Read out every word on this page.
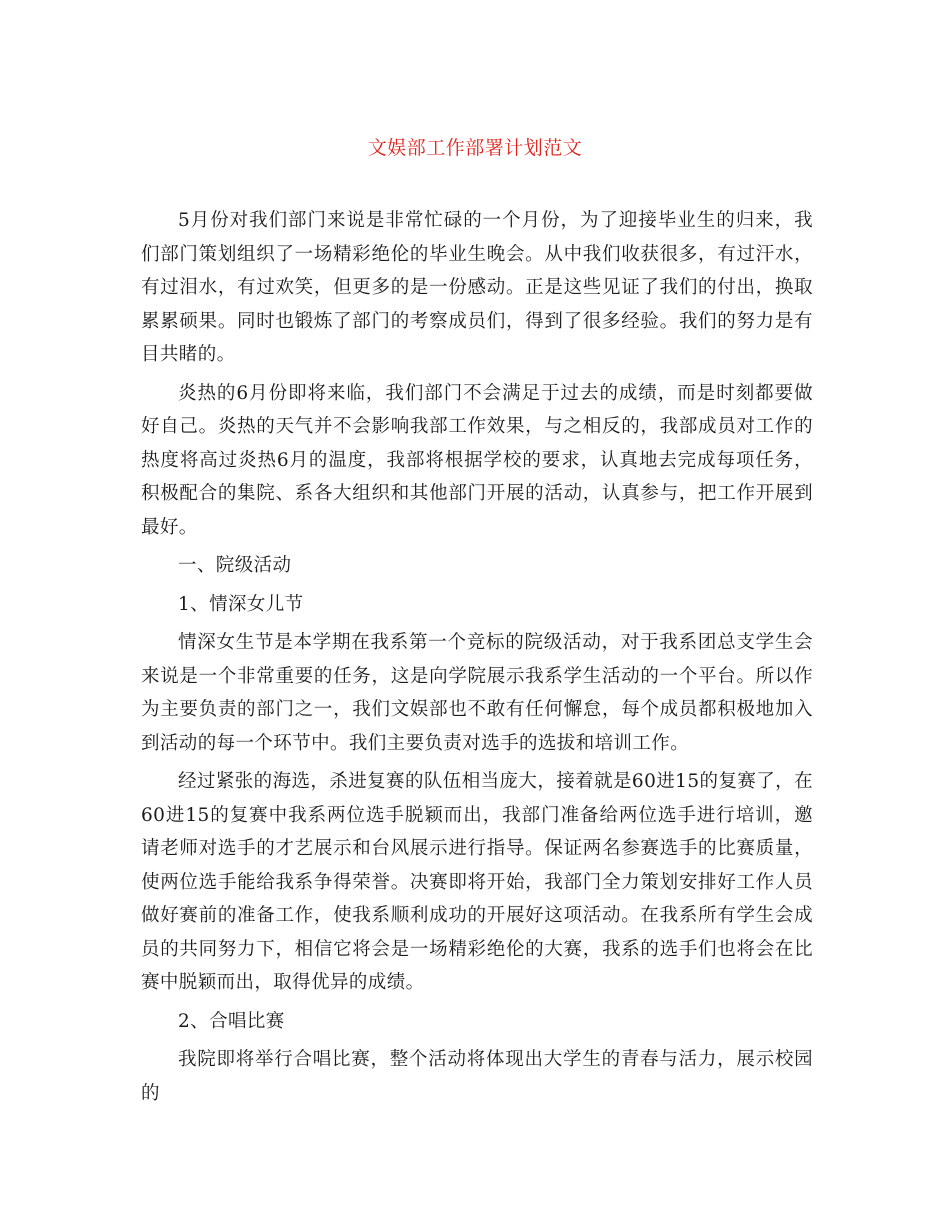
文娱部工作部署计划范文

5月份对我们部门来说是非常忙碌的一个月份，为了迎接毕业生的归来，我们部门策划组织了一场精彩绝伦的毕业生晚会。从中我们收获很多，有过汗水，有过泪水，有过欢笑，但更多的是一份感动。正是这些见证了我们的付出，换取累累硕果。同时也锻炼了部门的考察成员们，得到了很多经验。我们的努力是有目共睹的。

炎热的6月份即将来临，我们部门不会满足于过去的成绩，而是时刻都要做好自己。炎热的天气并不会影响我部工作效果，与之相反的，我部成员对工作的热度将高过炎热6月的温度，我部将根据学校的要求，认真地去完成每项任务，积极配合的集院、系各大组织和其他部门开展的活动，认真参与，把工作开展到最好。

一、院级活动

1、情深女儿节

情深女生节是本学期在我系第一个竞标的院级活动，对于我系团总支学生会来说是一个非常重要的任务，这是向学院展示我系学生活动的一个平台。所以作为主要负责的部门之一，我们文娱部也不敢有任何懈怠，每个成员都积极地加入到活动的每一个环节中。我们主要负责对选手的选拔和培训工作。

经过紧张的海选，杀进复赛的队伍相当庞大，接着就是60进15的复赛了，在60进15的复赛中我系两位选手脱颖而出，我部门准备给两位选手进行培训，邀请老师对选手的才艺展示和台风展示进行指导。保证两名参赛选手的比赛质量，使两位选手能给我系争得荣誉。决赛即将开始，我部门全力策划安排好工作人员做好赛前的准备工作，使我系顺利成功的开展好这项活动。在我系所有学生会成员的共同努力下，相信它将会是一场精彩绝伦的大赛，我系的选手们也将会在比赛中脱颖而出，取得优异的成绩。

2、合唱比赛

我院即将举行合唱比赛，整个活动将体现出大学生的青春与活力，展示校园的
